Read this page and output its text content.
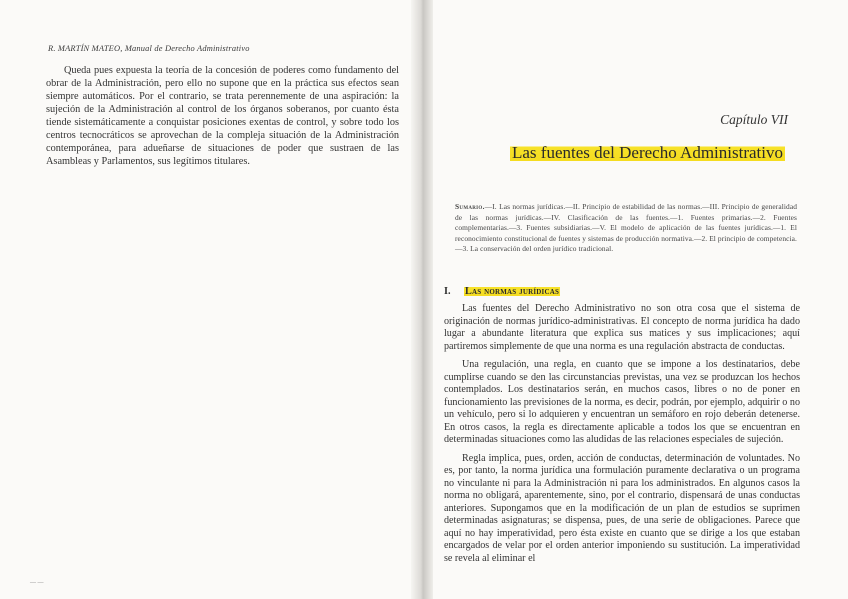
R. MARTÍN MATEO, Manual de Derecho Administrativo

Queda pues expuesta la teoría de la concesión de poderes como fundamento del obrar de la Administración, pero ello no supone que en la práctica sus efectos sean siempre automáticos. Por el contrario, se trata perennemente de una aspiración: la sujeción de la Administración al control de los órganos soberanos, por cuanto ésta tiende sistemáticamente a conquistar posiciones exentas de control, y sobre todo los centros tecnocráticos se aprovechan de la compleja situación de la Administración contemporánea, para adueñarse de situaciones de poder que sustraen de las Asambleas y Parlamentos, sus legítimos titulares.

— —
Capítulo VII
Las fuentes del Derecho Administrativo
Sumario.—I. Las normas jurídicas.—II. Principio de estabilidad de las normas.—III. Principio de generalidad de las normas jurídicas.—IV. Clasificación de las fuentes.—1. Fuentes primarias.—2. Fuentes complementarias.—3. Fuentes subsidiarias.—V. El modelo de aplicación de las fuentes jurídicas.—1. El reconocimiento constitucional de fuentes y sistemas de producción normativa.—2. El principio de competencia.—3. La conservación del orden jurídico tradicional.
I. Las normas jurídicas

Las fuentes del Derecho Administrativo no son otra cosa que el sistema de originación de normas jurídico-administrativas. El concepto de norma jurídica ha dado lugar a abundante literatura que explica sus matices y sus implicaciones; aquí partiremos simplemente de que una norma es una regulación abstracta de conductas.

Una regulación, una regla, en cuanto que se impone a los destinatarios, debe cumplirse cuando se den las circunstancias previstas, una vez se produzcan los hechos contemplados. Los destinatarios serán, en muchos casos, libres o no de poner en funcionamiento las previsiones de la norma, es decir, podrán, por ejemplo, adquirir o no un vehículo, pero si lo adquieren y encuentran un semáforo en rojo deberán detenerse. En otros casos, la regla es directamente aplicable a todos los que se encuentran en determinadas situaciones como las aludidas de las relaciones especiales de sujeción.

Regla implica, pues, orden, acción de conductas, determinación de voluntades. No es, por tanto, la norma jurídica una formulación puramente declarativa o un programa no vinculante ni para la Administración ni para los administrados. En algunos casos la norma no obligará, aparentemente, sino, por el contrario, dispensará de unas conductas anteriores. Supongamos que en la modificación de un plan de estudios se suprimen determinadas asignaturas; se dispensa, pues, de una serie de obligaciones. Parece que aquí no hay imperatividad, pero ésta existe en cuanto que se dirige a los que estaban encargados de velar por el orden anterior imponiendo su sustitución. La imperatividad se revela al eliminar el
